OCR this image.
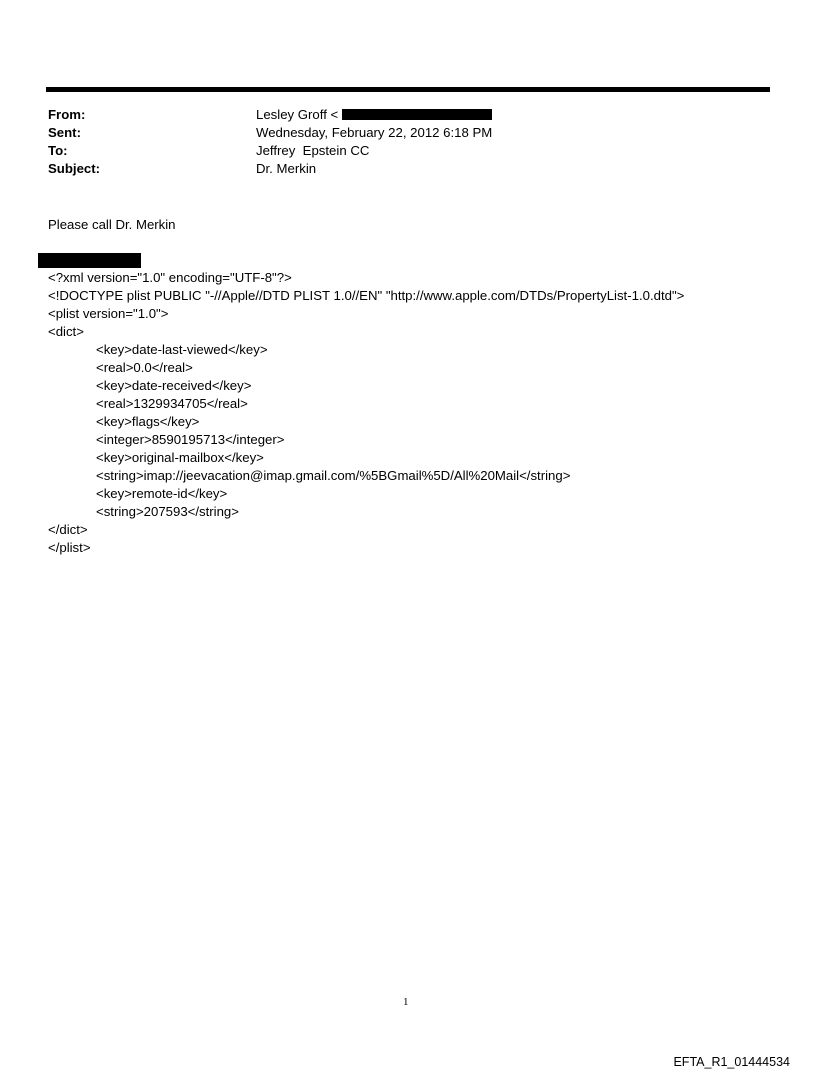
From:	Lesley Groff <
Sent:	Wednesday, February 22, 2012 6:18 PM
To:	Jeffrey  Epstein CC
Subject:	Dr. Merkin
Please call Dr. Merkin
<?xml version="1.0" encoding="UTF-8"?>
<!DOCTYPE plist PUBLIC "-//Apple//DTD PLIST 1.0//EN" "http://www.apple.com/DTDs/PropertyList-1.0.dtd">
<plist version="1.0">
<dict>
<key>date-last-viewed</key>
<real>0.0</real>
<key>date-received</key>
<real>1329934705</real>
<key>flags</key>
<integer>8590195713</integer>
<key>original-mailbox</key>
<string>imap://jeevacation@imap.gmail.com/%5BGmail%5D/All%20Mail</string>
<key>remote-id</key>
<string>207593</string>
</dict>
</plist>
1
EFTA_R1_01444534
